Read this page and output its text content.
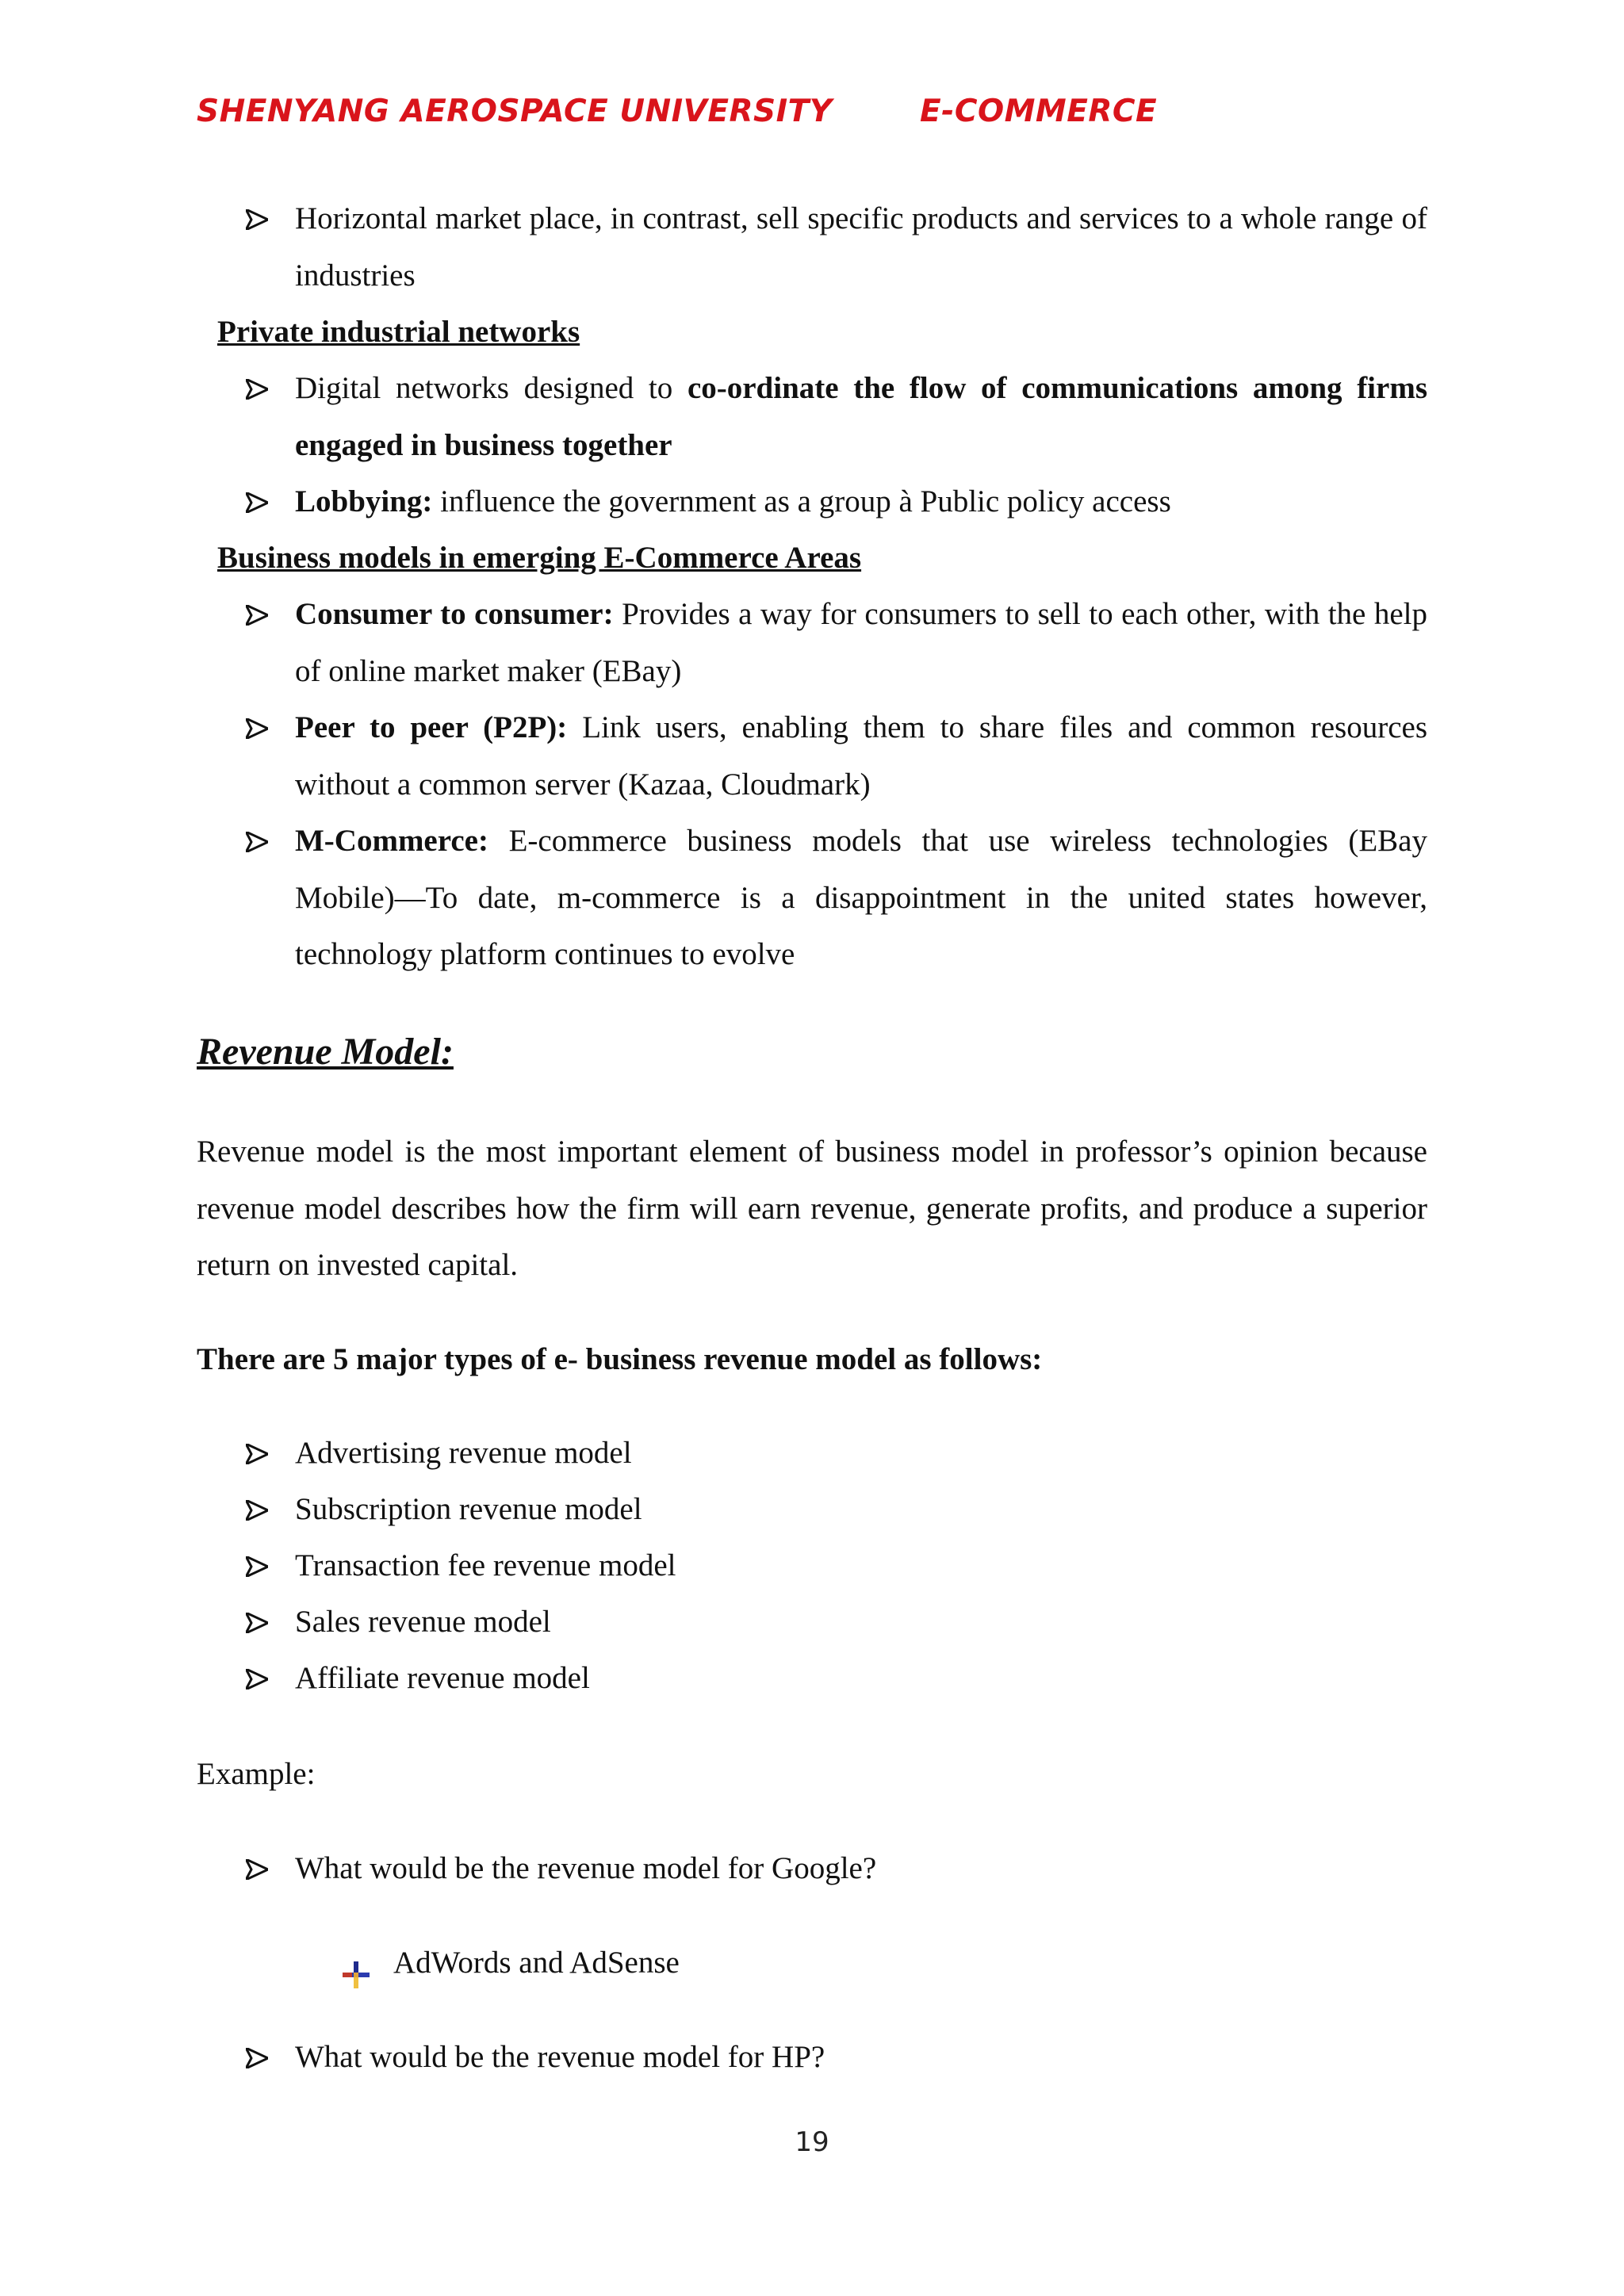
SHENYANG AEROSPACE UNIVERSITY	E-COMMERCE
Horizontal market place, in contrast, sell specific products and services to a whole range of industries
Private industrial networks
Digital networks designed to co-ordinate the flow of communications among firms engaged in business together
Lobbying: influence the government as a group à Public policy access
Business models in emerging E-Commerce Areas
Consumer to consumer: Provides a way for consumers to sell to each other, with the help of online market maker (EBay)
Peer to peer (P2P): Link users, enabling them to share files and common resources without a common server (Kazaa, Cloudmark)
M-Commerce: E-commerce business models that use wireless technologies (EBay Mobile)—To date, m-commerce is a disappointment in the united states however, technology platform continues to evolve
Revenue Model:
Revenue model is the most important element of business model in professor’s opinion because revenue model describes how the firm will earn revenue, generate profits, and produce a superior return on invested capital.
There are 5 major types of e- business revenue model as follows:
Advertising revenue model
Subscription revenue model
Transaction fee revenue model
Sales revenue model
Affiliate revenue model
Example:
What would be the revenue model for Google?
AdWords and AdSense
What would be the revenue model for HP?
19
